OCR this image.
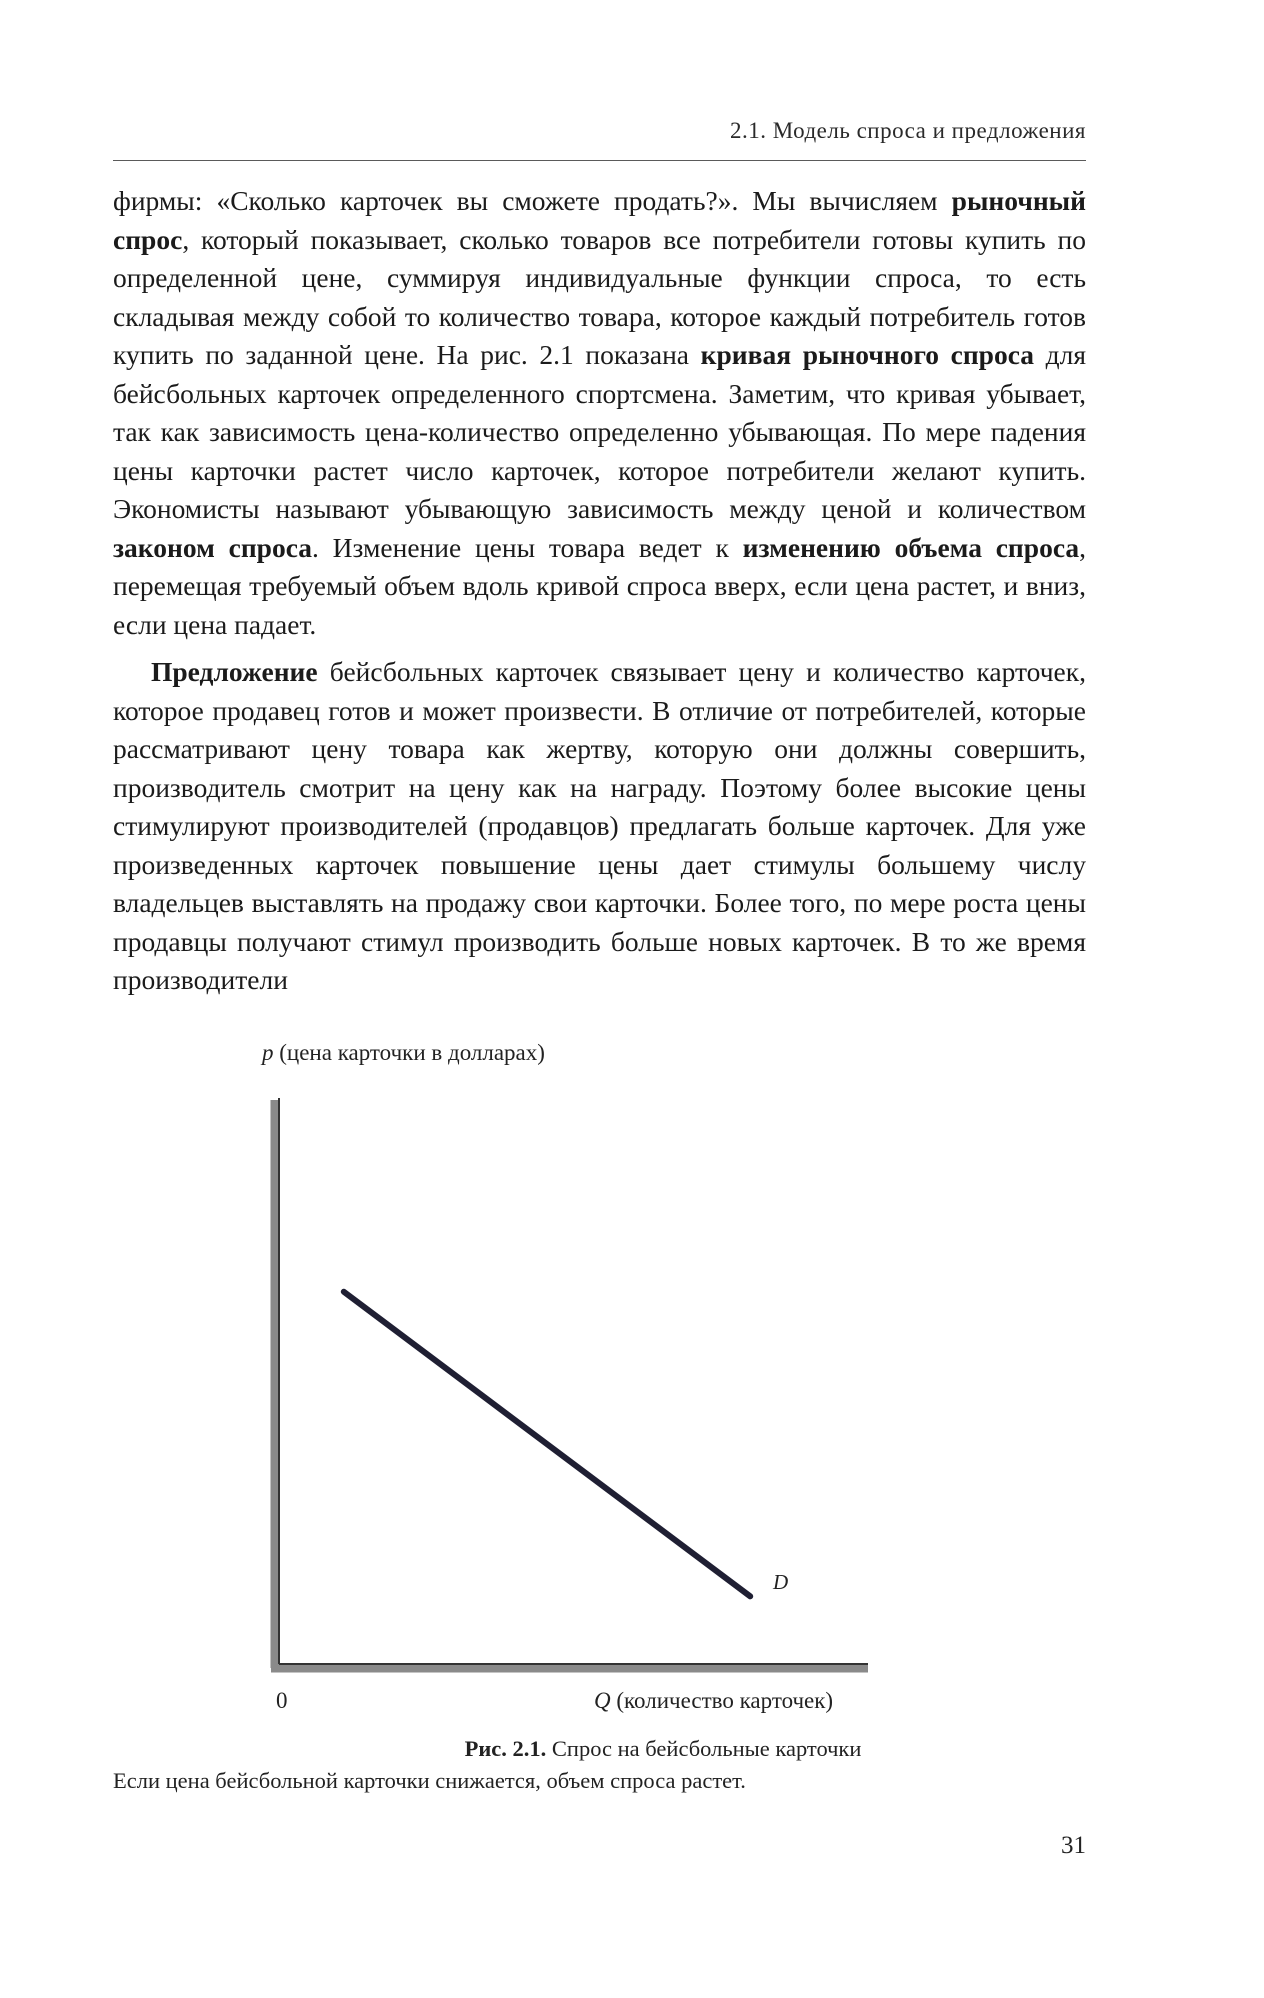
2.1. Модель спроса и предложения

фирмы: «Сколько карточек вы сможете продать?». Мы вычисляем рыночный спрос, который показывает, сколько товаров все потребители готовы купить по определенной цене, суммируя индивидуальные функции спроса, то есть складывая между собой то количество товара, которое каждый потребитель готов купить по заданной цене. На рис. 2.1 показана кривая рыночного спроса для бейсбольных карточек определенного спортсмена. Заметим, что кривая убывает, так как зависимость цена-количество определенно убывающая. По мере падения цены карточки растет число карточек, которое потребители желают купить. Экономисты называют убывающую зависимость между ценой и количеством законом спроса. Изменение цены товара ведет к изменению объема спроса, перемещая требуемый объем вдоль кривой спроса вверх, если цена растет, и вниз, если цена падает.

Предложение бейсбольных карточек связывает цену и количество карточек, которое продавец готов и может произвести. В отличие от потребителей, которые рассматривают цену товара как жертву, которую они должны совершить, производитель смотрит на цену как на награду. Поэтому более высокие цены стимулируют производителей (продавцов) предлагать больше карточек. Для уже произведенных карточек повышение цены дает стимулы большему числу владельцев выставлять на продажу свои карточки. Более того, по мере роста цены продавцы получают стимул производить больше новых карточек. В то же время производители

p (цена карточки в долларах)
0	Q (количество карточек)
D
Рис. 2.1. Спрос на бейсбольные карточки
Если цена бейсбольной карточки снижается, объем спроса растет.
31
